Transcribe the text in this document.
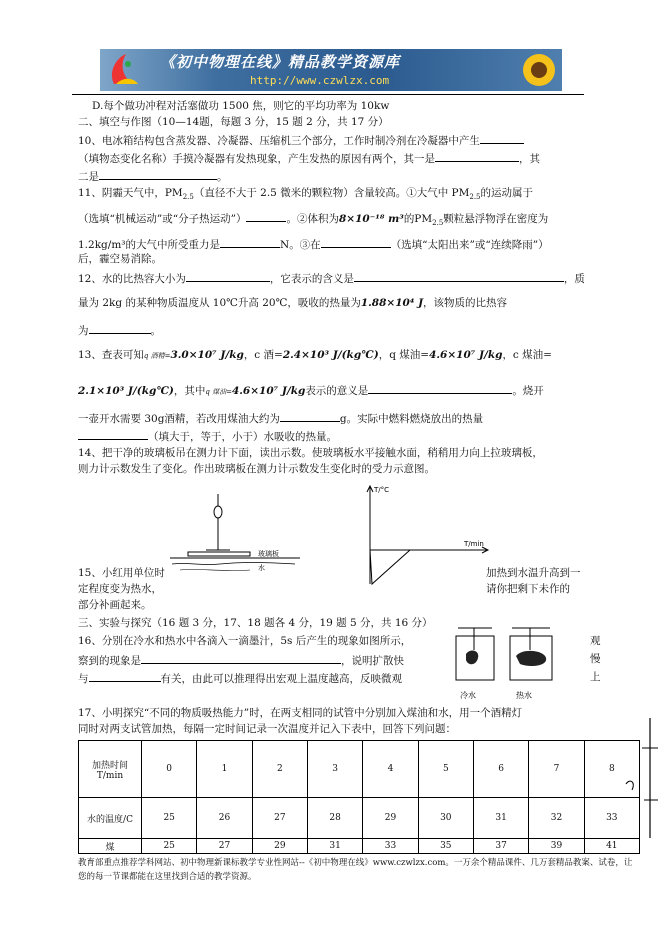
《初中物理在线》精品教学资源库
http://www.czwlzx.com
D.每个做功冲程对活塞做功 1500 焦，则它的平均功率为 10kw
二、填空与作图（10—14题，每题 3 分，15 题 2 分，共 17 分）
10、电冰箱结构包含蒸发器、冷凝器、压缩机三个部分，工作时制冷剂在冷凝器中产生
（填物态变化名称）手摸冷凝器有发热现象，产生发热的原因有两个，其一是	，其
二是	。
11、阴霾天气中，$PM_{2.5}$（直径不大于 2.5 微米的颗粒物）含量较高。①大气中 $PM_{2.5}$的运动属于
（选填“机械运动”或“分子热运动”）	。②体积为8×10⁻¹⁸ m³的$PM_{2.5}$颗粒悬浮物浮在密度为
1.2kg/m³的大气中所受重力是	N。③在	（选填“太阳出来”或“连续降雨”）
后，霾空易消除。
12、水的比热容大小为	，它表示的含义是	，质
量为 2kg 的某种物质温度从 10℃升高 20℃，吸收的热量为1.88×10⁴ J，该物质的比热容
为	。
13、查表可知q 酒精=3.0×10⁷ J/kg，c 酒=2.4×10³ J/(kg℃)，q 煤油=4.6×10⁷ J/kg，c 煤油=
2.1×10³ J/(kg℃)，其中q 煤油=4.6×10⁷ J/kg表示的意义是	。烧开
一壶开水需要 30g酒精，若改用煤油大约为	g。实际中燃料燃烧放出的热量
（填大于，等于，小于）水吸收的热量。
14、把干净的玻璃板吊在测力计下面，读出示数。使玻璃板水平接触水面，稍稍用力向上拉玻璃板，
则力计示数发生了变化。作出玻璃板在测力计示数发生变化时的受力示意图。
玻璃板
水
T/°C
T/min
15、小红用单位时	加热到水温升高到一
定程度变为热水，	请你把剩下未作的
部分补画起来。
三、实验与探究（16 题 3 分，17、18 题各 4 分，19 题 5 分，共 16 分）
16、分别在冷水和热水中各滴入一滴墨汁，5s 后产生的现象如图所示，	观
察到的现象是	，说明扩散快	慢
与	有关，由此可以推理得出宏观上温度越高，反映微观	上
冷水	热水
17、小明探究“不同的物质吸热能力”时，在两支相同的试管中分别加入煤油和水，用一个酒精灯
同时对两支试管加热，每隔一定时间记录一次温度并记入下表中，回答下列问题：
加热时间T/min	0	1	2	3	4	5	6	7	8
水的温度/C	25	26	27	28	29	30	31	32	33
煤	25	27	29	31	33	35	37	39	41
教育部重点推荐学科网站、初中物理新课标教学专业性网站--《初中物理在线》www.czwlzx.com。一万余个精品课件、几万套精品教案、试卷，让您的每一节课都能在这里找到合适的教学资源。
